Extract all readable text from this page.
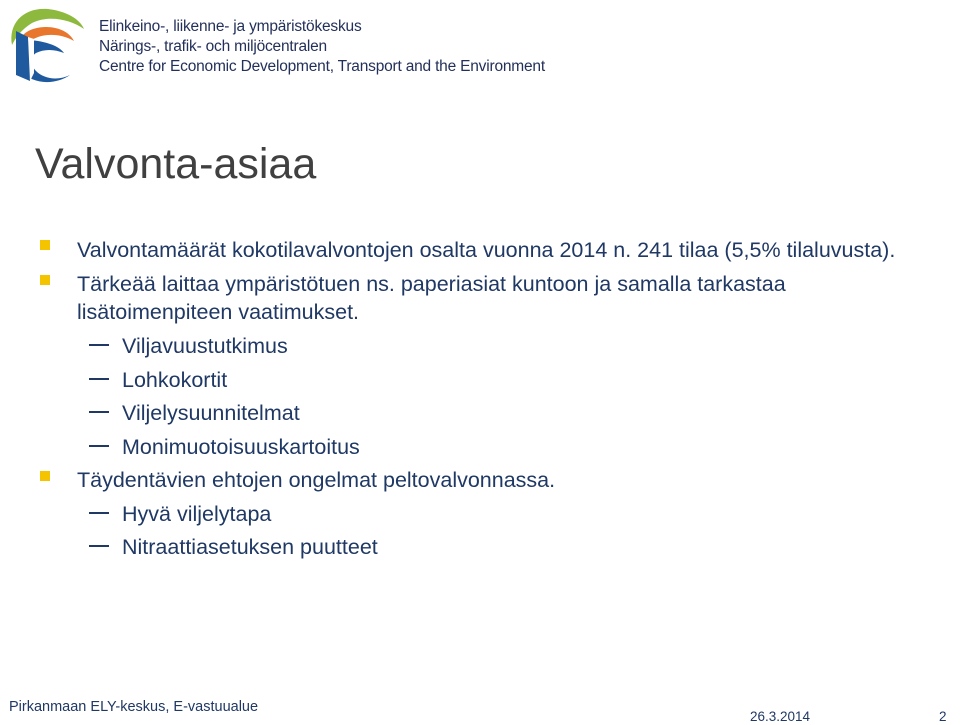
Elinkeino-, liikenne- ja ympäristökeskus
Närings-, trafik- och miljöcentralen
Centre for Economic Development, Transport and the Environment
Valvonta-asiaa
Valvontamäärät kokotilavalvontojen osalta vuonna 2014 n. 241 tilaa (5,5% tilaluvusta).
Tärkeää laittaa ympäristötuen ns. paperiasiat kuntoon ja samalla tarkastaa
lisätoimenpiteen vaatimukset.
Viljavuustutkimus
Lohkokortit
Viljelysuunnitelmat
Monimuotoisuuskartoitus
Täydentävien ehtojen ongelmat peltovalvonnassa.
Hyvä viljelytapa
Nitraattiasetuksen puutteet
Pirkanmaan ELY-keskus, E-vastuualue
26.3.2014	2
